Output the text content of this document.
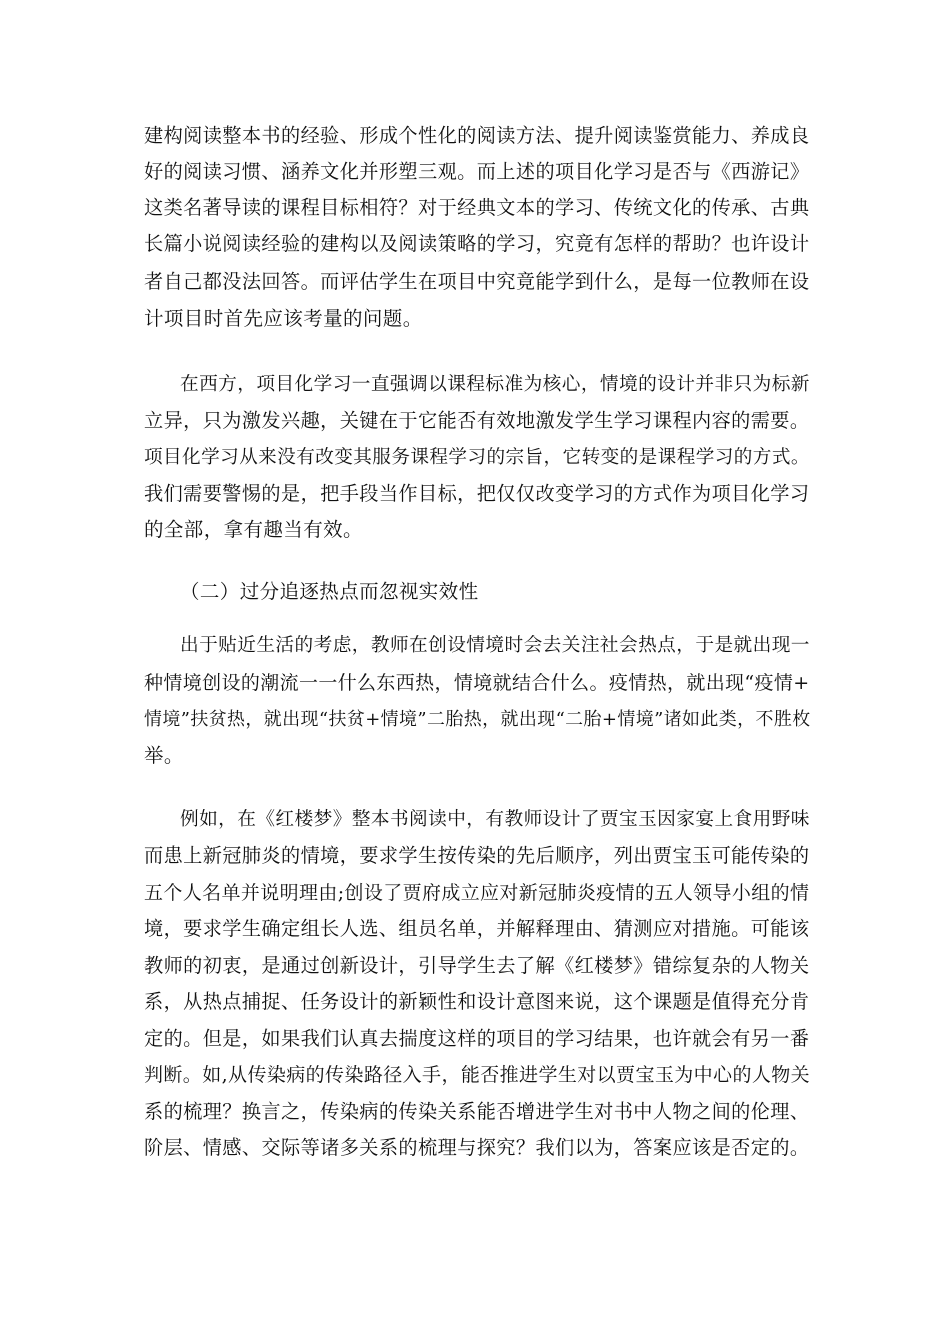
建构阅读整本书的经验、形成个性化的阅读方法、提升阅读鉴赏能力、养成良
好的阅读习惯、涵养文化并形塑三观。而上述的项目化学习是否与《西游记》
这类名著导读的课程目标相符？对于经典文本的学习、传统文化的传承、古典
长篇小说阅读经验的建构以及阅读策略的学习，究竟有怎样的帮助？也许设计
者自己都没法回答。而评估学生在项目中究竟能学到什么，是每一位教师在设
计项目时首先应该考量的问题。
在西方，项目化学习一直强调以课程标准为核心，情境的设计并非只为标新
立异，只为激发兴趣，关键在于它能否有效地激发学生学习课程内容的需要。
项目化学习从来没有改变其服务课程学习的宗旨，它转变的是课程学习的方式。
我们需要警惕的是，把手段当作目标，把仅仅改变学习的方式作为项目化学习
的全部，拿有趣当有效。
（二）过分追逐热点而忽视实效性
出于贴近生活的考虑，教师在创设情境时会去关注社会热点，于是就出现一
种情境创设的潮流一一什么东西热，情境就结合什么。疫情热，就出现“疫情+
情境”扶贫热，就出现“扶贫+情境”二胎热，就出现“二胎+情境”诸如此类，不胜枚
举。
例如，在《红楼梦》整本书阅读中，有教师设计了贾宝玉因家宴上食用野味
而患上新冠肺炎的情境，要求学生按传染的先后顺序，列出贾宝玉可能传染的
五个人名单并说明理由;创设了贾府成立应对新冠肺炎疫情的五人领导小组的情
境，要求学生确定组长人选、组员名单，并解释理由、猜测应对措施。可能该
教师的初衷，是通过创新设计，引导学生去了解《红楼梦》错综复杂的人物关
系，从热点捕捉、任务设计的新颖性和设计意图来说，这个课题是值得充分肯
定的。但是，如果我们认真去揣度这样的项目的学习结果，也许就会有另一番
判断。如,从传染病的传染路径入手，能否推进学生对以贾宝玉为中心的人物关
系的梳理？换言之，传染病的传染关系能否增进学生对书中人物之间的伦理、
阶层、情感、交际等诸多关系的梳理与探究？我们以为，答案应该是否定的。
